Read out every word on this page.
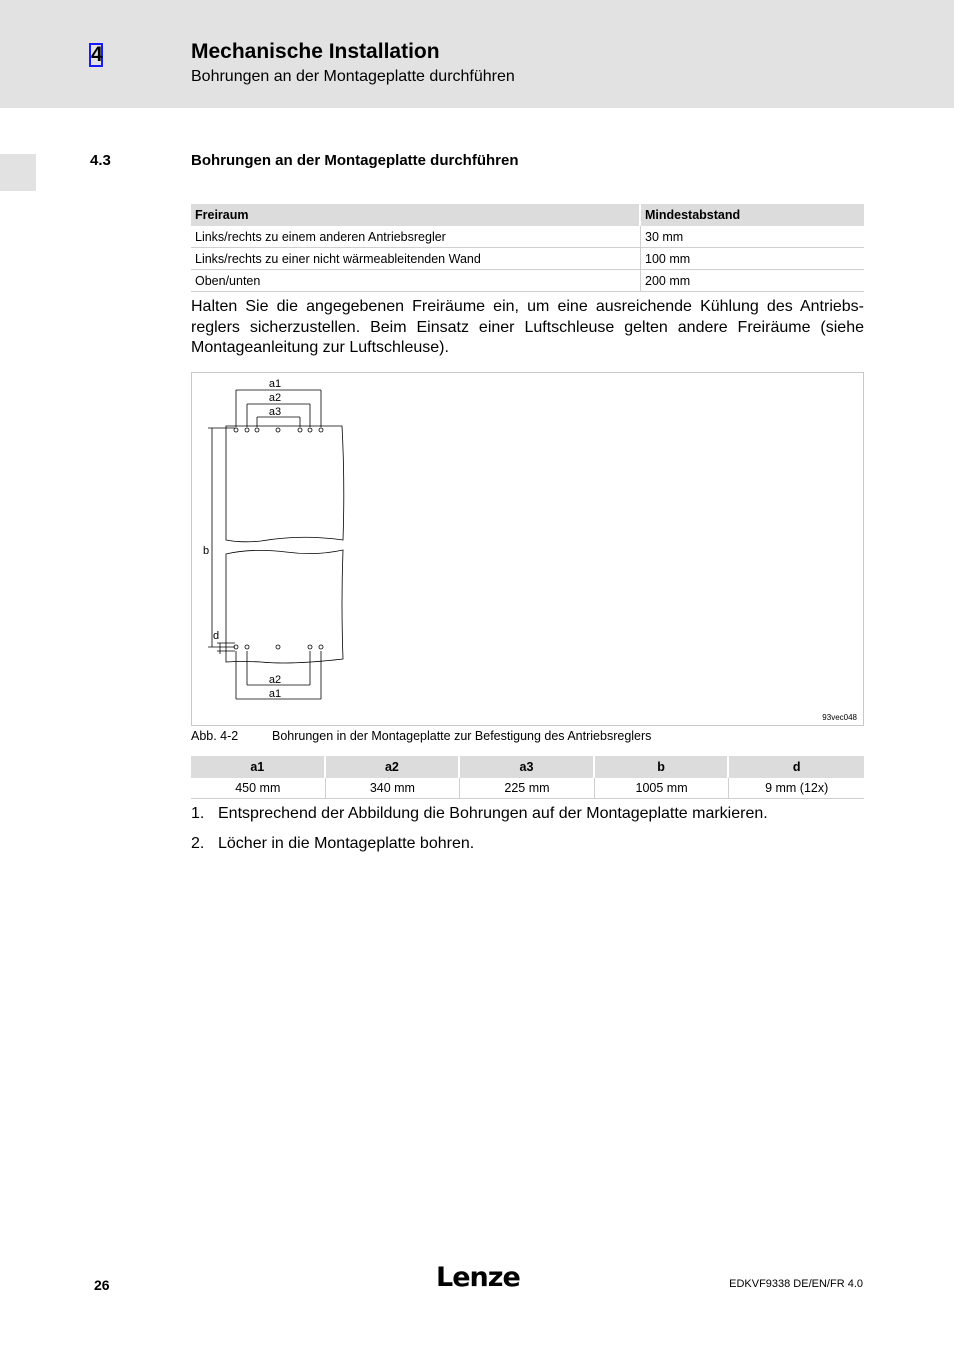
4	Mechanische Installation
Bohrungen an der Montageplatte durchführen
4.3	Bohrungen an der Montageplatte durchführen
Freiraum	Mindestabstand
Links/rechts zu einem anderen Antriebsregler	30 mm
Links/rechts zu einer nicht wärmeableitenden Wand	100 mm
Oben/unten	200 mm
Halten Sie die angegebenen Freiräume ein, um eine ausreichende Kühlung des Antriebsreglers sicherzustellen. Beim Einsatz einer Luftschleuse gelten andere Freiräume (siehe Montageanleitung zur Luftschleuse).
a1
a2
a3
b
d
a2
a1
93vec048
Abb. 4-2	Bohrungen in der Montageplatte zur Befestigung des Antriebsreglers
a1	a2	a3	b	d
450 mm	340 mm	225 mm	1005 mm	9 mm (12x)
1. Entsprechend der Abbildung die Bohrungen auf der Montageplatte markieren.
2. Löcher in die Montageplatte bohren.
26	Lenze	EDKVF9338 DE/EN/FR 4.0
